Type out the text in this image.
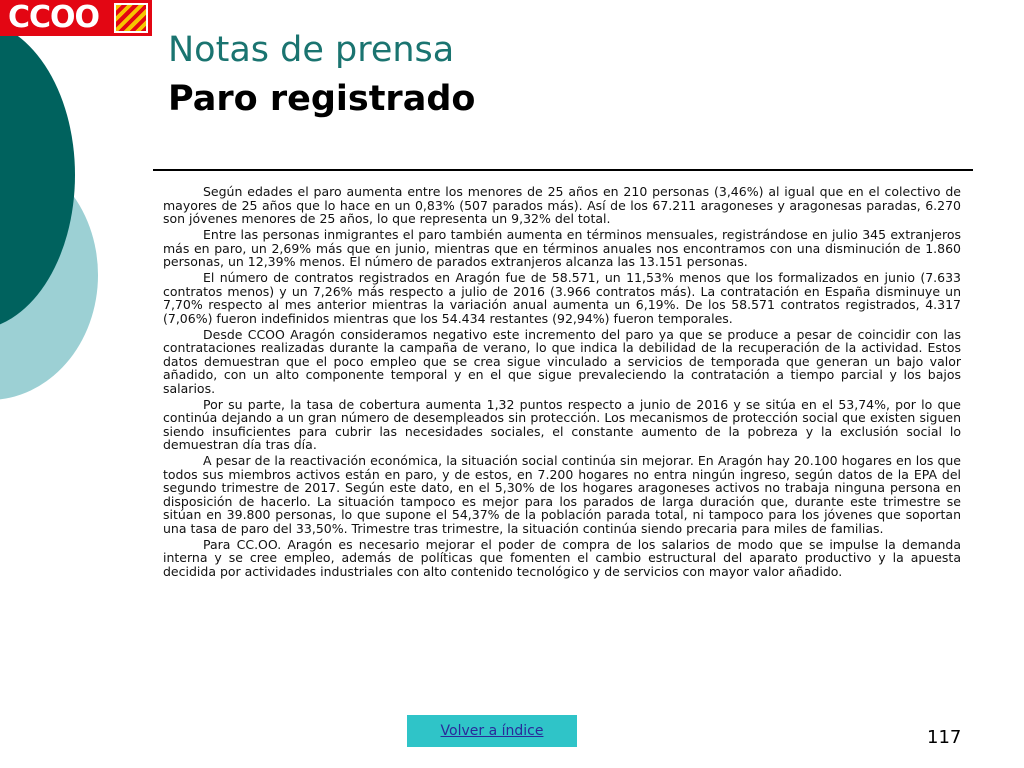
CCOO
Notas de prensa
Paro registrado

Según edades el paro aumenta entre los menores de 25 años en 210 personas (3,46%) al igual que en el colectivo de mayores de 25 años que lo hace en un 0,83% (507 parados más). Así de los 67.211 aragoneses y aragonesas paradas, 6.270 son jóvenes menores de 25 años, lo que representa un 9,32% del total.

Entre las personas inmigrantes el paro también aumenta en términos mensuales, registrándose en julio 345 extranjeros más en paro, un 2,69% más que en junio, mientras que en términos anuales nos encontramos con una disminución de 1.860 personas, un 12,39% menos. El número de parados extranjeros alcanza las 13.151 personas.

El número de contratos registrados en Aragón fue de 58.571, un 11,53% menos que los formalizados en junio (7.633 contratos menos) y un 7,26% más respecto a julio de 2016 (3.966 contratos más). La contratación en España disminuye un 7,70% respecto al mes anterior mientras la variación anual aumenta un 6,19%. De los 58.571 contratos registrados, 4.317 (7,06%) fueron indefinidos mientras que los 54.434 restantes (92,94%) fueron temporales.

Desde CCOO Aragón consideramos negativo este incremento del paro ya que se produce a pesar de coincidir con las contrataciones realizadas durante la campaña de verano, lo que indica la debilidad de la recuperación de la actividad. Estos datos demuestran que el poco empleo que se crea sigue vinculado a servicios de temporada que generan un bajo valor añadido, con un alto componente temporal y en el que sigue prevaleciendo la contratación a tiempo parcial y los bajos salarios.

Por su parte, la tasa de cobertura aumenta 1,32 puntos respecto a junio de 2016 y se sitúa en el 53,74%, por lo que continúa dejando a un gran número de desempleados sin protección. Los mecanismos de protección social que existen siguen siendo insuficientes para cubrir las necesidades sociales, el constante aumento de la pobreza y la exclusión social lo demuestran día tras día.

A pesar de la reactivación económica, la situación social continúa sin mejorar. En Aragón hay 20.100 hogares en los que todos sus miembros activos están en paro, y de estos, en 7.200 hogares no entra ningún ingreso, según datos de la EPA del segundo trimestre de 2017. Según este dato, en el 5,30% de los hogares aragoneses activos no trabaja ninguna persona en disposición de hacerlo. La situación tampoco es mejor para los parados de larga duración que, durante este trimestre se sitúan en 39.800 personas, lo que supone el 54,37% de la población parada total, ni tampoco para los jóvenes que soportan una tasa de paro del 33,50%. Trimestre tras trimestre, la situación continúa siendo precaria para miles de familias.

Para CC.OO. Aragón es necesario mejorar el poder de compra de los salarios de modo que se impulse la demanda interna y se cree empleo, además de políticas que fomenten el cambio estructural del aparato productivo y la apuesta decidida por actividades industriales con alto contenido tecnológico y de servicios con mayor valor añadido.

Volver a índice	117
